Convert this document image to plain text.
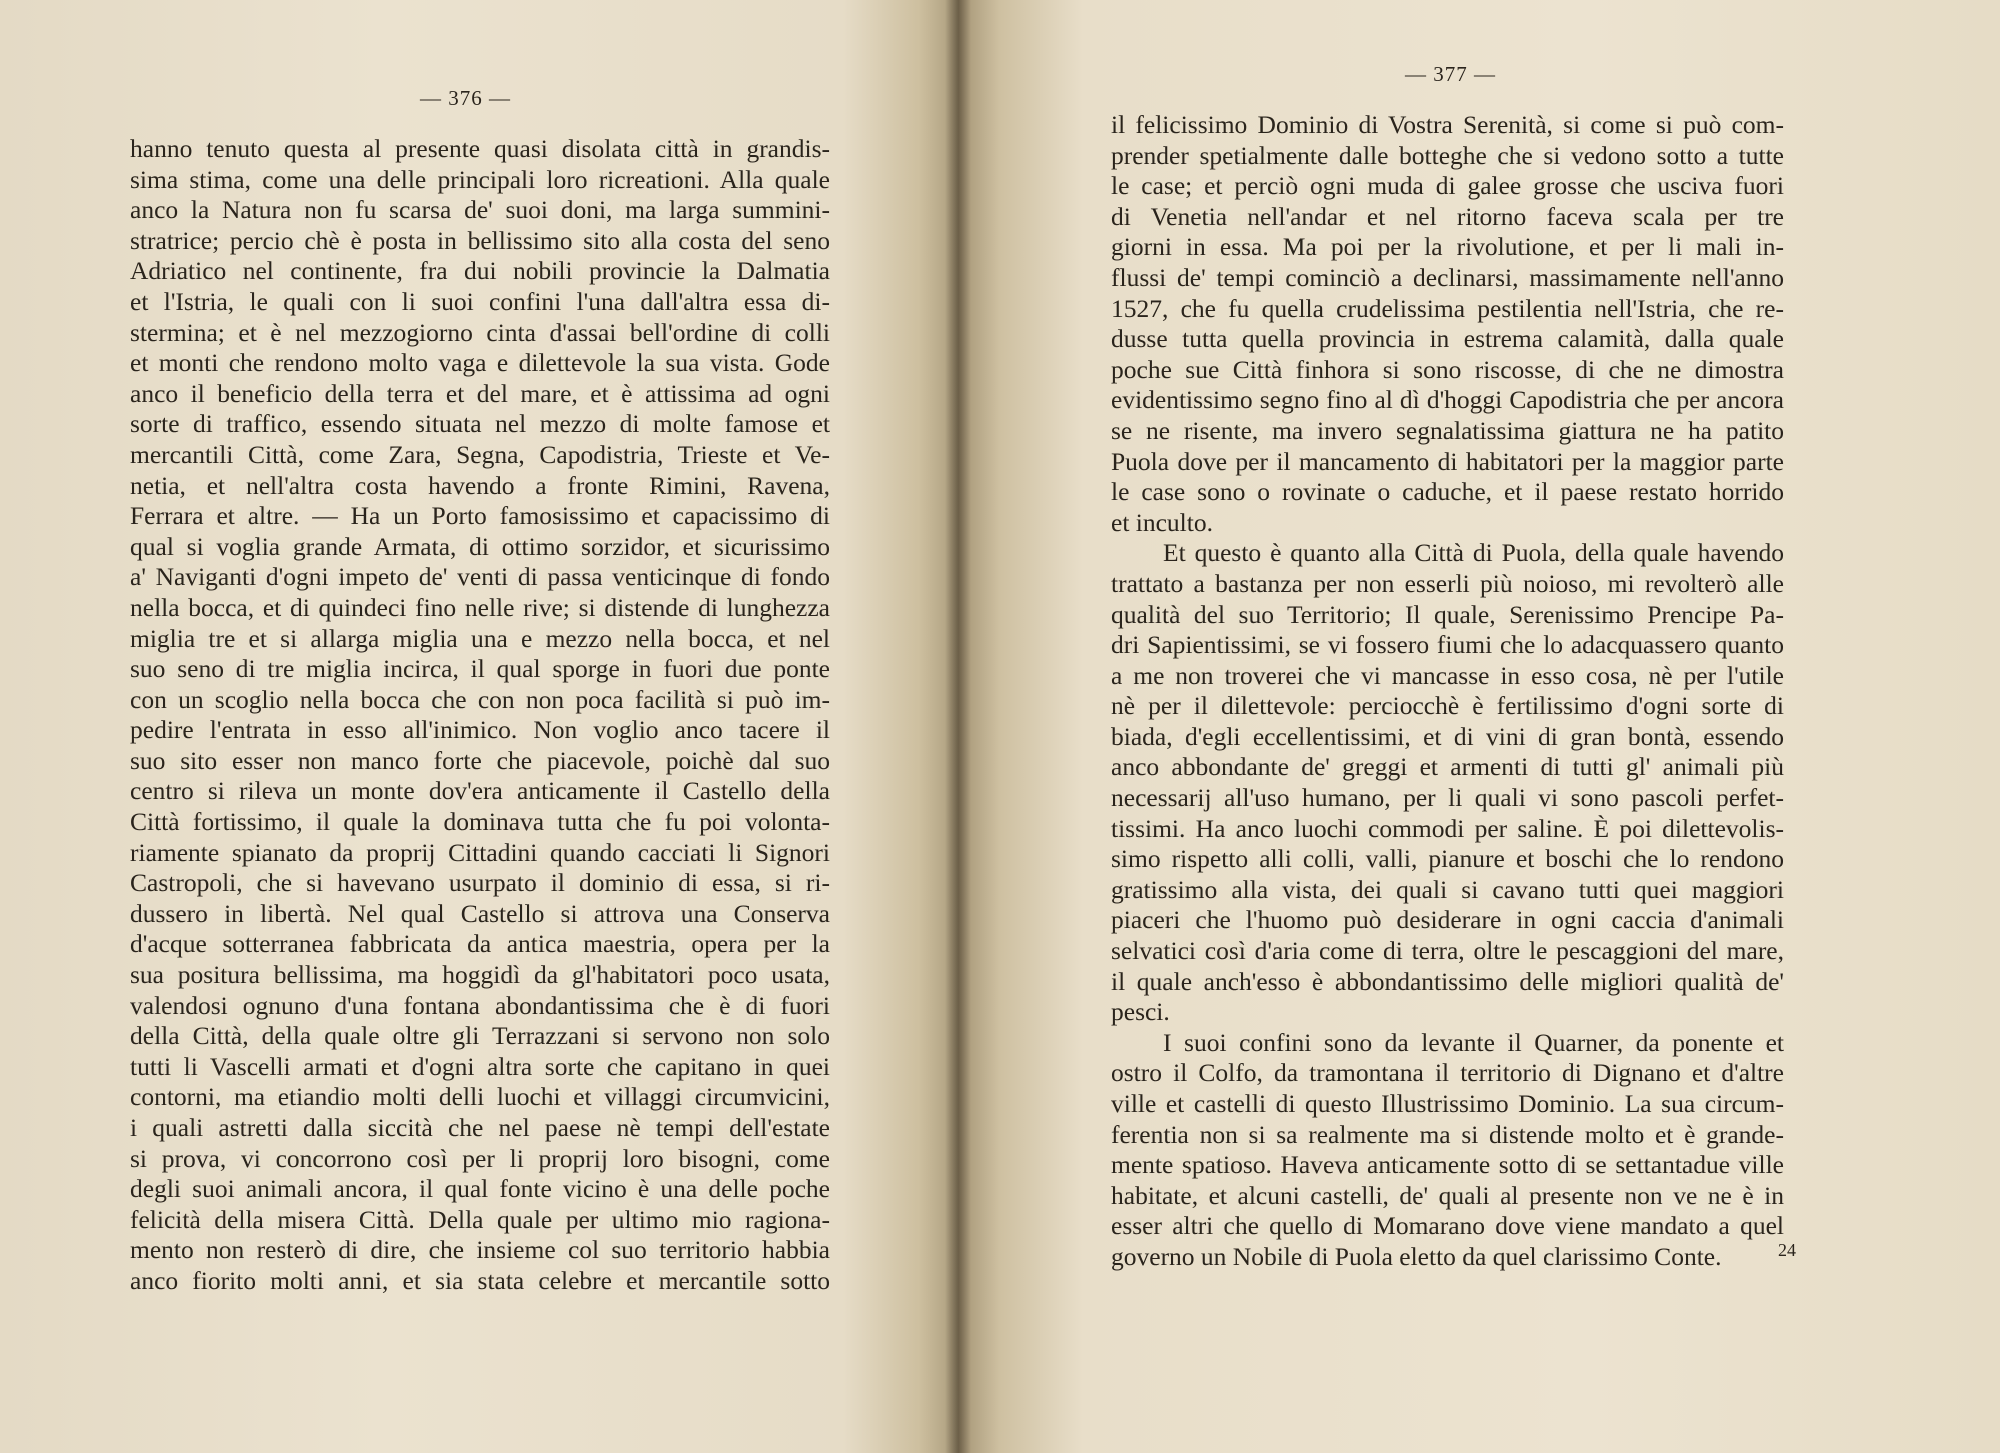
— 376 —
hanno tenuto questa al presente quasi disolata città in grandis-
sima stima, come una delle principali loro ricreationi. Alla quale
anco la Natura non fu scarsa de' suoi doni, ma larga summini-
stratrice; percio chè è posta in bellissimo sito alla costa del seno
Adriatico nel continente, fra dui nobili provincie la Dalmatia
et l'Istria, le quali con li suoi confini l'una dall'altra essa di-
stermina; et è nel mezzogiorno cinta d'assai bell'ordine di colli
et monti che rendono molto vaga e dilettevole la sua vista. Gode
anco il beneficio della terra et del mare, et è attissima ad ogni
sorte di traffico, essendo situata nel mezzo di molte famose et
mercantili Città, come Zara, Segna, Capodistria, Trieste et Ve-
netia, et nell'altra costa havendo a fronte Rimini, Ravena,
Ferrara et altre. — Ha un Porto famosissimo et capacissimo di
qual si voglia grande Armata, di ottimo sorzidor, et sicurissimo
a' Naviganti d'ogni impeto de' venti di passa venticinque di fondo
nella bocca, et di quindeci fino nelle rive; si distende di lunghezza
miglia tre et si allarga miglia una e mezzo nella bocca, et nel
suo seno di tre miglia incirca, il qual sporge in fuori due ponte
con un scoglio nella bocca che con non poca facilità si può im-
pedire l'entrata in esso all'inimico. Non voglio anco tacere il
suo sito esser non manco forte che piacevole, poichè dal suo
centro si rileva un monte dov'era anticamente il Castello della
Città fortissimo, il quale la dominava tutta che fu poi volonta-
riamente spianato da proprij Cittadini quando cacciati li Signori
Castropoli, che si havevano usurpato il dominio di essa, si ri-
dussero in libertà. Nel qual Castello si attrova una Conserva
d'acque sotterranea fabbricata da antica maestria, opera per la
sua positura bellissima, ma hoggidì da gl'habitatori poco usata,
valendosi ognuno d'una fontana abondantissima che è di fuori
della Città, della quale oltre gli Terrazzani si servono non solo
tutti li Vascelli armati et d'ogni altra sorte che capitano in quei
contorni, ma etiandio molti delli luochi et villaggi circumvicini,
i quali astretti dalla siccità che nel paese nè tempi dell'estate
si prova, vi concorrono così per li proprij loro bisogni, come
degli suoi animali ancora, il qual fonte vicino è una delle poche
felicità della misera Città. Della quale per ultimo mio ragiona-
mento non resterò di dire, che insieme col suo territorio habbia
anco fiorito molti anni, et sia stata celebre et mercantile sotto
— 377 —
il felicissimo Dominio di Vostra Serenità, si come si può com-
prender spetialmente dalle botteghe che si vedono sotto a tutte
le case; et perciò ogni muda di galee grosse che usciva fuori
di Venetia nell'andar et nel ritorno faceva scala per tre
giorni in essa. Ma poi per la rivolutione, et per li mali in-
flussi de' tempi cominciò a declinarsi, massimamente nell'anno
1527, che fu quella crudelissima pestilentia nell'Istria, che re-
dusse tutta quella provincia in estrema calamità, dalla quale
poche sue Città finhora si sono riscosse, di che ne dimostra
evidentissimo segno fino al dì d'hoggi Capodistria che per ancora
se ne risente, ma invero segnalatissima giattura ne ha patito
Puola dove per il mancamento di habitatori per la maggior parte
le case sono o rovinate o caduche, et il paese restato horrido
et inculto.
Et questo è quanto alla Città di Puola, della quale havendo
trattato a bastanza per non esserli più noioso, mi revolterò alle
qualità del suo Territorio; Il quale, Serenissimo Prencipe Pa-
dri Sapientissimi, se vi fossero fiumi che lo adacquassero quanto
a me non troverei che vi mancasse in esso cosa, nè per l'utile
nè per il dilettevole: perciocchè è fertilissimo d'ogni sorte di
biada, d'egli eccellentissimi, et di vini di gran bontà, essendo
anco abbondante de' greggi et armenti di tutti gl' animali più
necessarij all'uso humano, per li quali vi sono pascoli perfet-
tissimi. Ha anco luochi commodi per saline. È poi dilettevolis-
simo rispetto alli colli, valli, pianure et boschi che lo rendono
gratissimo alla vista, dei quali si cavano tutti quei maggiori
piaceri che l'huomo può desiderare in ogni caccia d'animali
selvatici così d'aria come di terra, oltre le pescaggioni del mare,
il quale anch'esso è abbondantissimo delle migliori qualità de'
pesci.
I suoi confini sono da levante il Quarner, da ponente et
ostro il Colfo, da tramontana il territorio di Dignano et d'altre
ville et castelli di questo Illustrissimo Dominio. La sua circum-
ferentia non si sa realmente ma si distende molto et è grande-
mente spatioso. Haveva anticamente sotto di se settantadue ville
habitate, et alcuni castelli, de' quali al presente non ve ne è in
esser altri che quello di Momarano dove viene mandato a quel
governo un Nobile di Puola eletto da quel clarissimo Conte.	24
